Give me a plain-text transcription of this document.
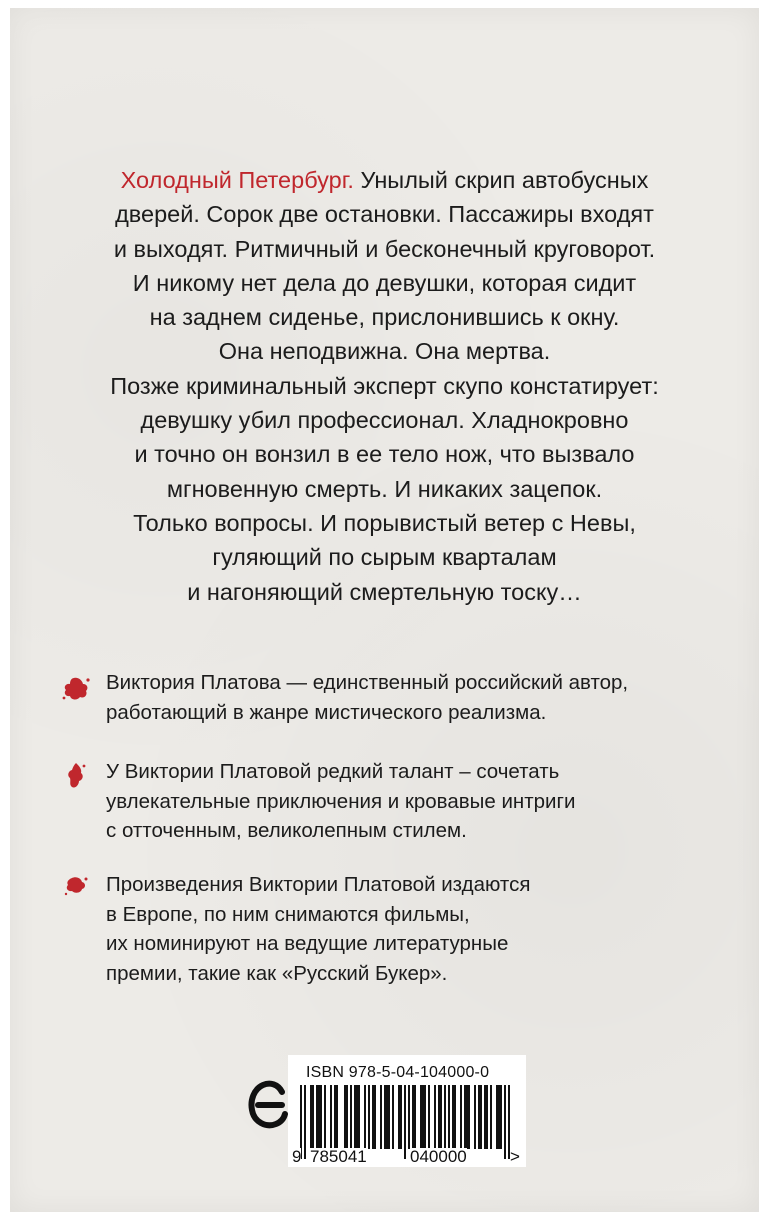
Холодный Петербург. Унылый скрип автобусных
дверей. Сорок две остановки. Пассажиры входят
и выходят. Ритмичный и бесконечный круговорот.
И никому нет дела до девушки, которая сидит
на заднем сиденье, прислонившись к окну.
Она неподвижна. Она мертва.
Позже криминальный эксперт скупо констатирует:
девушку убил профессионал. Хладнокровно
и точно он вонзил в ее тело нож, что вызвало
мгновенную смерть. И никаких зацепок.
Только вопросы. И порывистый ветер с Невы,
гуляющий по сырым кварталам
и нагоняющий смертельную тоску…
Виктория Платова — единственный российский автор,
работающий в жанре мистического реализма.
У Виктории Платовой редкий талант – сочетать
увлекательные приключения и кровавые интриги
с отточенным, великолепным стилем.
Произведения Виктории Платовой издаются
в Европе, по ним снимаются фильмы,
их номинируют на ведущие литературные
премии, такие как «Русский Букер».
ISBN 978-5-04-104000-0
9 785041	040000	>
